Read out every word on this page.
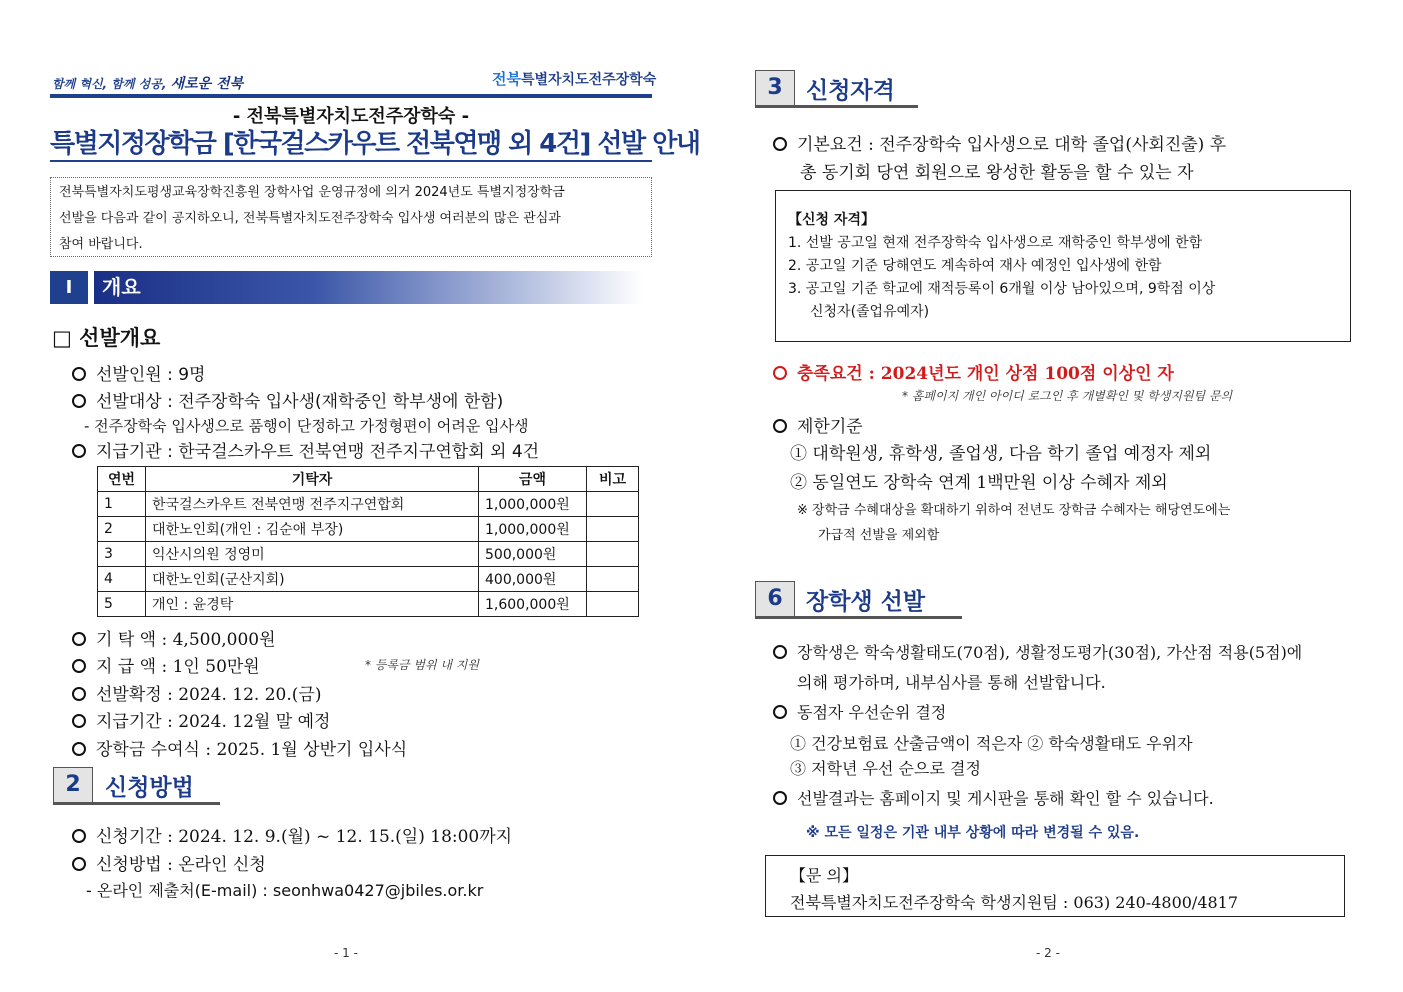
함께 혁신, 함께 성공, 새로운 전북	전북특별자치도전주장학숙
- 전북특별자치도전주장학숙 -
특별지정장학금 [한국걸스카우트 전북연맹 외 4건] 선발 안내
전북특별자치도평생교육장학진흥원 장학사업 운영규정에 의거 2024년도 특별지정장학금
선발을 다음과 같이 공지하오니, 전북특별자치도전주장학숙 입사생 여러분의 많은 관심과
참여 바랍니다.
I	개요
□ 선발개요
선발인원 : 9명
선발대상 : 전주장학숙 입사생(재학중인 학부생에 한함)
- 전주장학숙 입사생으로 품행이 단정하고 가정형편이 어려운 입사생
지급기관 : 한국걸스카우트 전북연맹 전주지구연합회 외 4건
연번	기탁자	금액	비고
1	한국걸스카우트 전북연맹 전주지구연합회	1,000,000원	
2	대한노인회(개인 : 김순애 부장)	1,000,000원	
3	익산시의원 정영미	500,000원	
4	대한노인회(군산지회)	400,000원	
5	개인 : 윤경탁	1,600,000원	
기 탁 액 : 4,500,000원
지 급 액 : 1인 50만원	* 등록금 범위 내 지원
선발확정 : 2024. 12. 20.(금)
지급기간 : 2024. 12월 말 예정
장학금 수여식 : 2025. 1월 상반기 입사식
2	신청방법
신청기간 : 2024. 12. 9.(월) ~ 12. 15.(일) 18:00까지
신청방법 : 온라인 신청
- 온라인 제출처(E-mail) : seonhwa0427@jbiles.or.kr
- 1 -
3	신청자격
기본요건 : 전주장학숙 입사생으로 대학 졸업(사회진출) 후
총 동기회 당연 회원으로 왕성한 활동을 할 수 있는 자
【신청 자격】
1. 선발 공고일 현재 전주장학숙 입사생으로 재학중인 학부생에 한함
2. 공고일 기준 당해연도 계속하여 재사 예정인 입사생에 한함
3. 공고일 기준 학교에 재적등록이 6개월 이상 남아있으며, 9학점 이상
신청자(졸업유예자)
충족요건 : 2024년도 개인 상점 100점 이상인 자
* 홈페이지 개인 아이디 로그인 후 개별확인 및 학생지원팀 문의
제한기준
① 대학원생, 휴학생, 졸업생, 다음 학기 졸업 예정자 제외
② 동일연도 장학숙 연계 1백만원 이상 수혜자 제외
※ 장학금 수혜대상을 확대하기 위하여 전년도 장학금 수혜자는 해당연도에는
가급적 선발을 제외함
6	장학생 선발
장학생은 학숙생활태도(70점), 생활정도평가(30점), 가산점 적용(5점)에
의해 평가하며, 내부심사를 통해 선발합니다.
동점자 우선순위 결정
① 건강보험료 산출금액이 적은자 ② 학숙생활태도 우위자
③ 저학년 우선 순으로 결정
선발결과는 홈페이지 및 게시판을 통해 확인 할 수 있습니다.
※ 모든 일정은 기관 내부 상황에 따라 변경될 수 있음.
【문 의】
전북특별자치도전주장학숙 학생지원팀 : 063) 240-4800/4817
- 2 -
